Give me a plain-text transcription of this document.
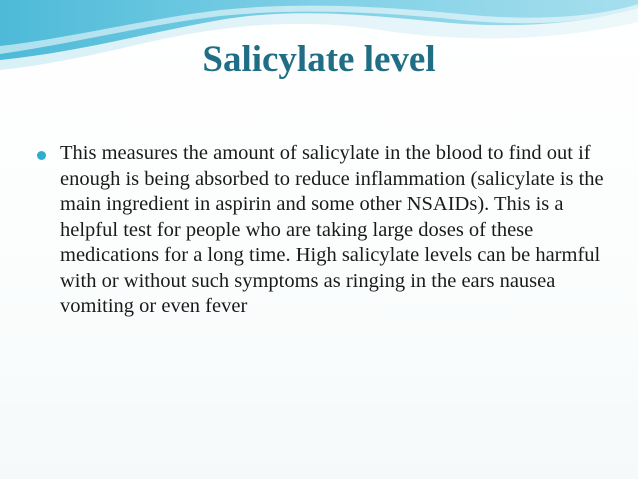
Salicylate level
This measures the amount of salicylate in the blood to find out if enough is being absorbed to reduce inflammation (salicylate is the main ingredient in aspirin and some other NSAIDs). This is a helpful test for people who are taking large doses of these medications for a long time. High salicylate levels can be harmful with or without such symptoms as ringing in the ears nausea vomiting or even fever
